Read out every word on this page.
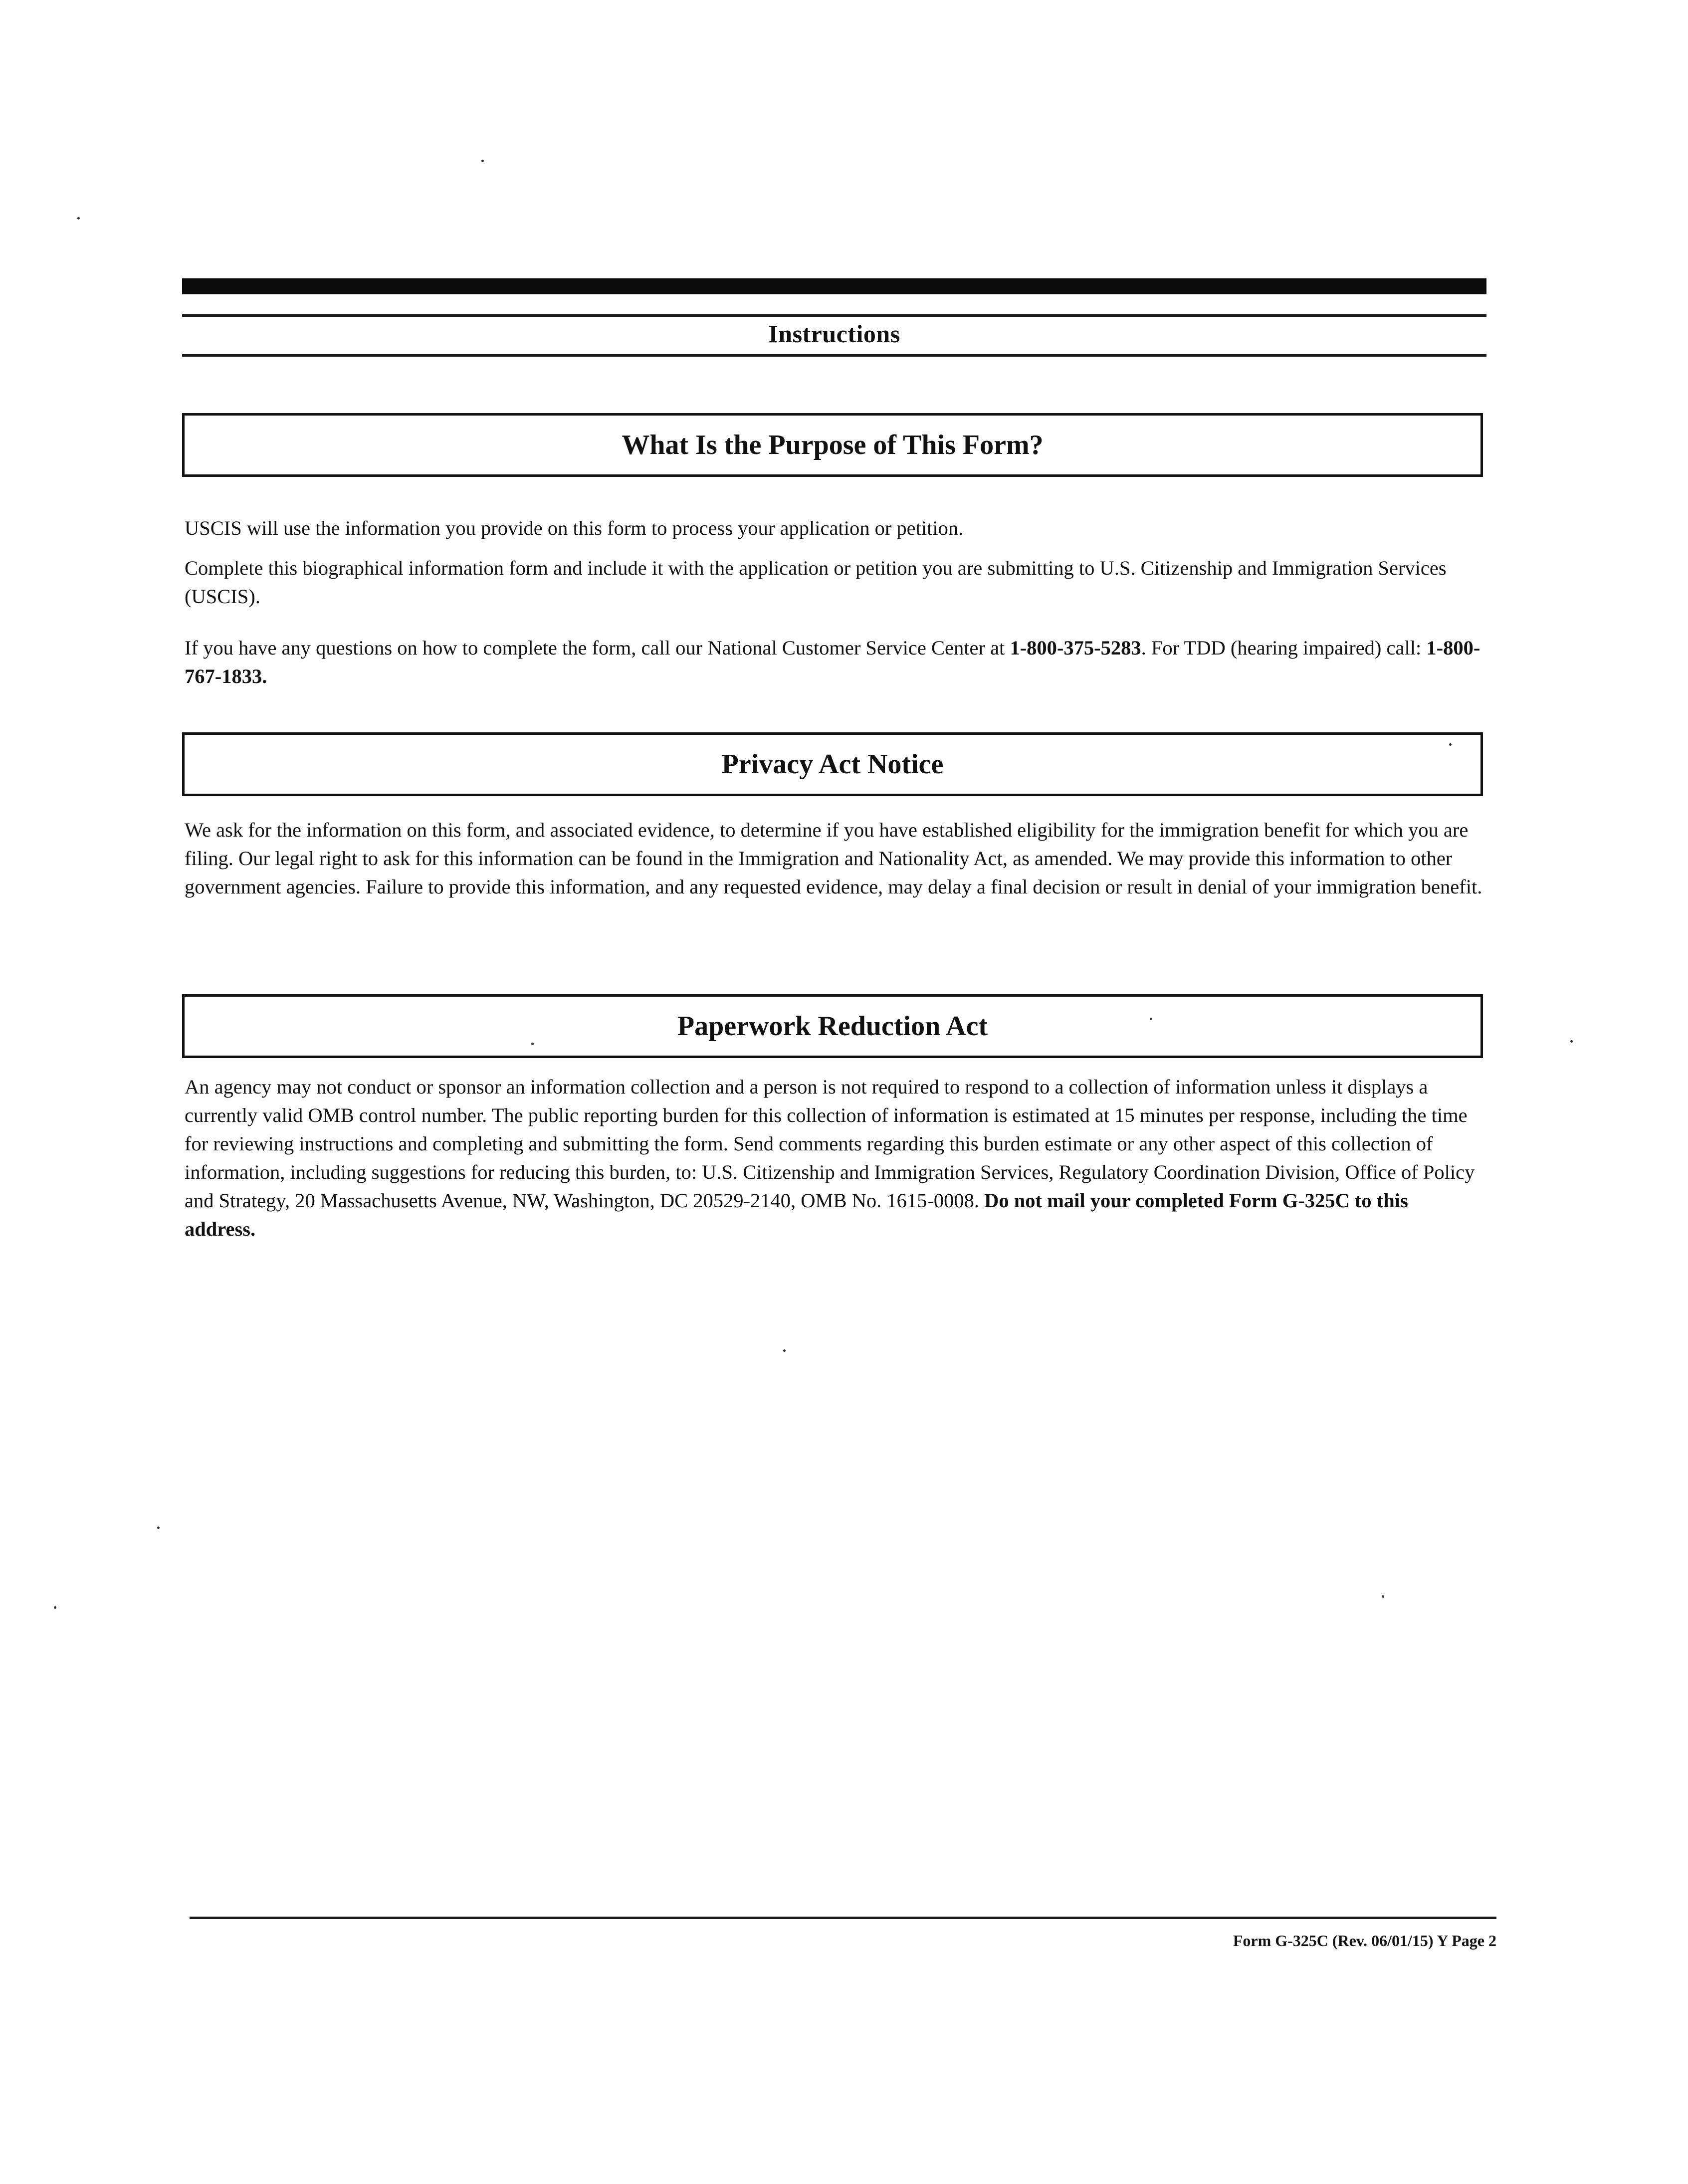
Instructions
What Is the Purpose of This Form?
USCIS will use the information you provide on this form to process your application or petition.
Complete this biographical information form and include it with the application or petition you are submitting to U.S. Citizenship and Immigration Services (USCIS).
If you have any questions on how to complete the form, call our National Customer Service Center at 1-800-375-5283. For TDD (hearing impaired) call: 1-800-767-1833.
Privacy Act Notice
We ask for the information on this form, and associated evidence, to determine if you have established eligibility for the immigration benefit for which you are filing. Our legal right to ask for this information can be found in the Immigration and Nationality Act, as amended. We may provide this information to other government agencies. Failure to provide this information, and any requested evidence, may delay a final decision or result in denial of your immigration benefit.
Paperwork Reduction Act
An agency may not conduct or sponsor an information collection and a person is not required to respond to a collection of information unless it displays a currently valid OMB control number. The public reporting burden for this collection of information is estimated at 15 minutes per response, including the time for reviewing instructions and completing and submitting the form. Send comments regarding this burden estimate or any other aspect of this collection of information, including suggestions for reducing this burden, to: U.S. Citizenship and Immigration Services, Regulatory Coordination Division, Office of Policy and Strategy, 20 Massachusetts Avenue, NW, Washington, DC 20529-2140, OMB No. 1615-0008. Do not mail your completed Form G-325C to this address.
Form G-325C (Rev. 06/01/15) Y Page 2
